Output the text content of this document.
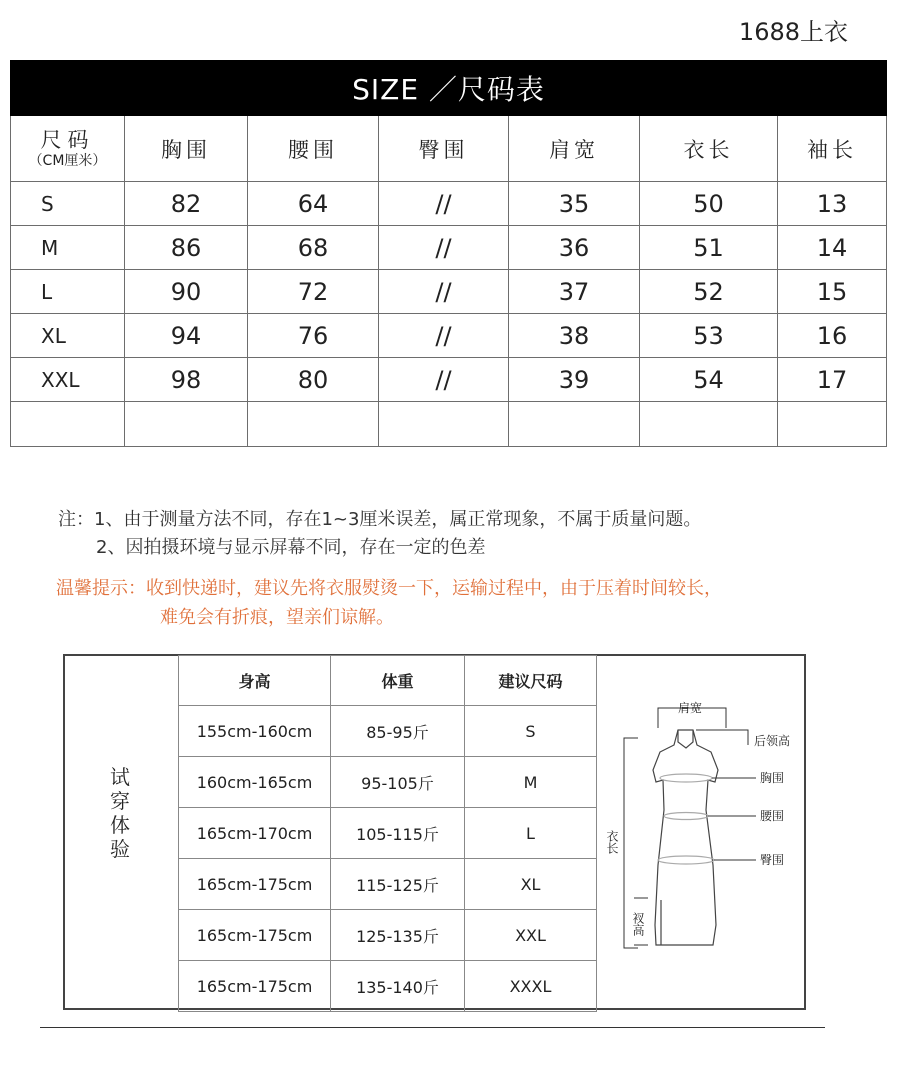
1688上衣
SIZE ／尺码表						

尺码
（CM厘米）	胸围	腰围	臀围	肩宽	衣长	袖长
S	82	64	//	35	50	13
M	86	68	//	36	51	14
L	90	72	//	37	52	15
XL	94	76	//	38	53	16
XXL	98	80	//	39	54	17

注：1、由于测量方法不同，存在1~3厘米误差，属正常现象，不属于质量问题。
2、因拍摄环境与显示屏幕不同，存在一定的色差
温馨提示：收到快递时，建议先将衣服熨烫一下，运输过程中，由于压着时间较长，
难免会有折痕，望亲们谅解。
试穿体验
身高	体重	建议尺码
155cm-160cm	85-95斤	S
160cm-165cm	95-105斤	M
165cm-170cm	105-115斤	L
165cm-175cm	115-125斤	XL
165cm-175cm	125-135斤	XXL
165cm-175cm	135-140斤	XXXL
肩宽
后领高
胸围
腰围
臀围
衣长
衩高
